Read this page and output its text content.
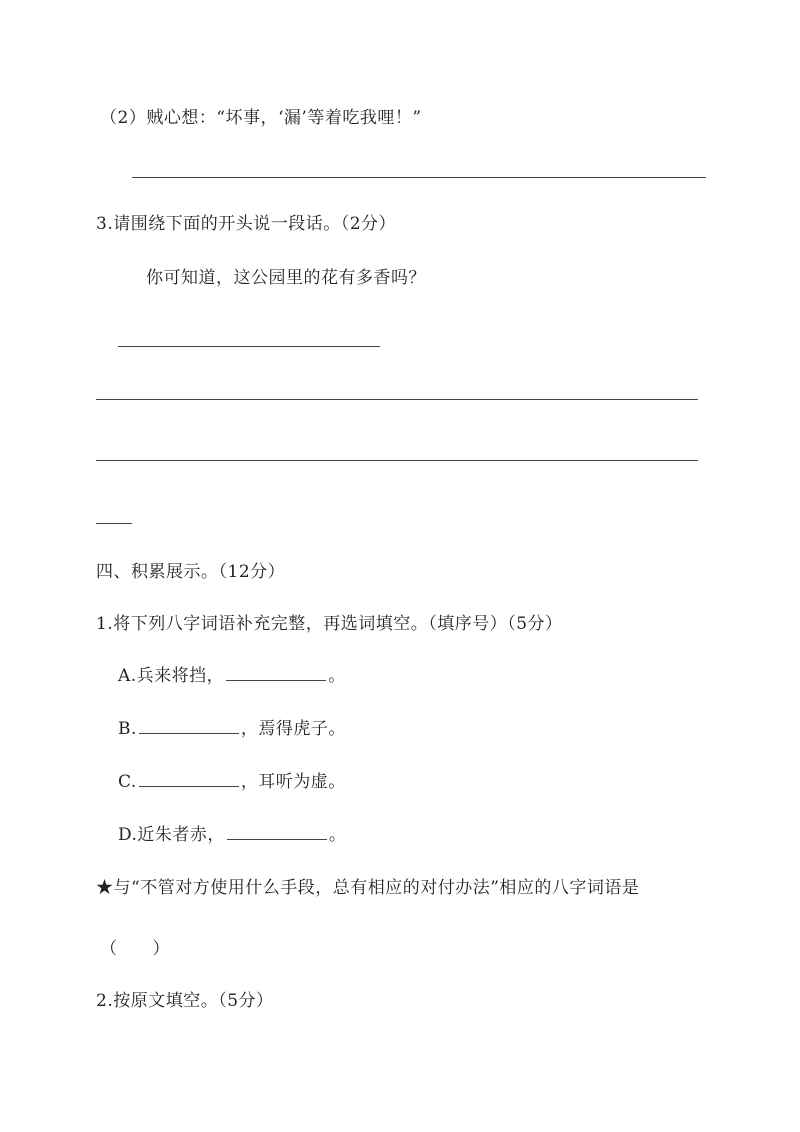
（2）贼心想：“坏事，‘漏’等着吃我哩！”
3.请围绕下面的开头说一段话。（2分）
你可知道，这公园里的花有多香吗？
四、积累展示。（12分）
1.将下列八字词语补充完整，再选词填空。（填序号）（5分）
A.兵来将挡，	。
B.	，焉得虎子。
C.	，耳听为虚。
D.近朱者赤，	。
★与“不管对方使用什么手段，总有相应的对付办法”相应的八字词语是
（　　）
2.按原文填空。（5分）
